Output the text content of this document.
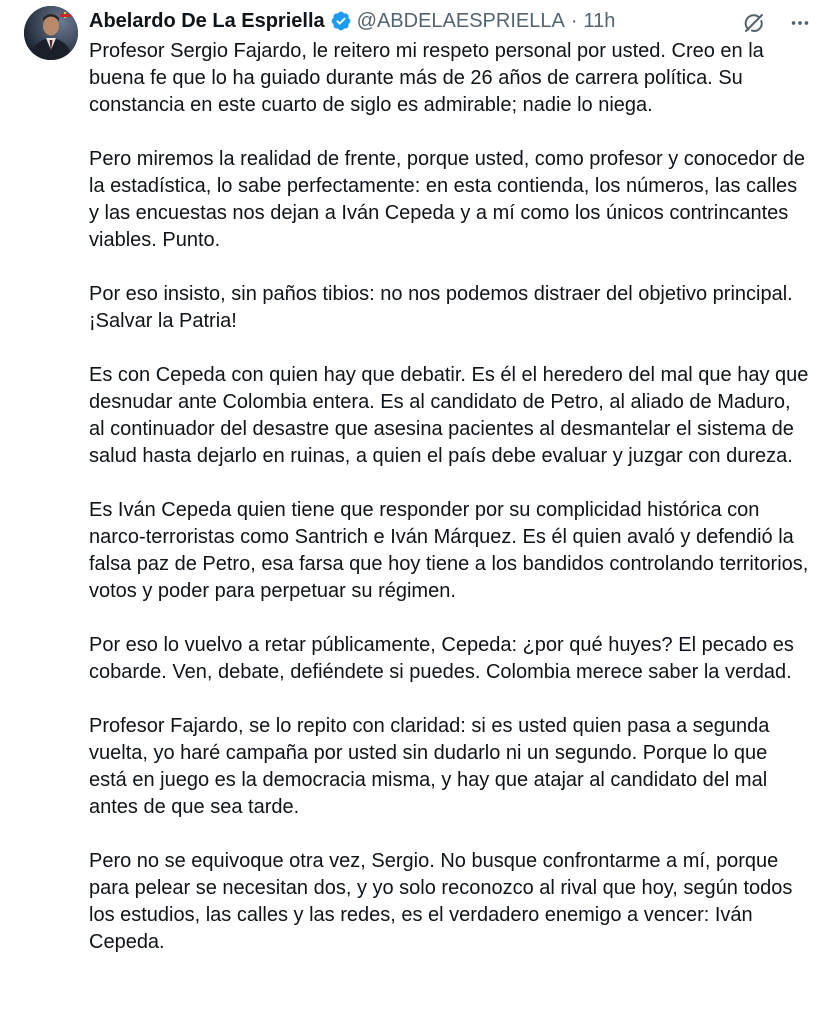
Abelardo De La Espriella @ABDELAESPRIELLA · 11h

Profesor Sergio Fajardo, le reitero mi respeto personal por usted. Creo en la buena fe que lo ha guiado durante más de 26 años de carrera política. Su constancia en este cuarto de siglo es admirable; nadie lo niega.

Pero miremos la realidad de frente, porque usted, como profesor y conocedor de la estadística, lo sabe perfectamente: en esta contienda, los números, las calles y las encuestas nos dejan a Iván Cepeda y a mí como los únicos contrincantes viables. Punto.

Por eso insisto, sin paños tibios: no nos podemos distraer del objetivo principal. ¡Salvar la Patria!

Es con Cepeda con quien hay que debatir. Es él el heredero del mal que hay que desnudar ante Colombia entera. Es al candidato de Petro, al aliado de Maduro, al continuador del desastre que asesina pacientes al desmantelar el sistema de salud hasta dejarlo en ruinas, a quien el país debe evaluar y juzgar con dureza.

Es Iván Cepeda quien tiene que responder por su complicidad histórica con narco-terroristas como Santrich e Iván Márquez. Es él quien avaló y defendió la falsa paz de Petro, esa farsa que hoy tiene a los bandidos controlando territorios, votos y poder para perpetuar su régimen.

Por eso lo vuelvo a retar públicamente, Cepeda: ¿por qué huyes? El pecado es cobarde. Ven, debate, defiéndete si puedes. Colombia merece saber la verdad.

Profesor Fajardo, se lo repito con claridad: si es usted quien pasa a segunda vuelta, yo haré campaña por usted sin dudarlo ni un segundo. Porque lo que está en juego es la democracia misma, y hay que atajar al candidato del mal antes de que sea tarde.

Pero no se equivoque otra vez, Sergio. No busque confrontarme a mí, porque para pelear se necesitan dos, y yo solo reconozco al rival que hoy, según todos los estudios, las calles y las redes, es el verdadero enemigo a vencer: Iván Cepeda.
